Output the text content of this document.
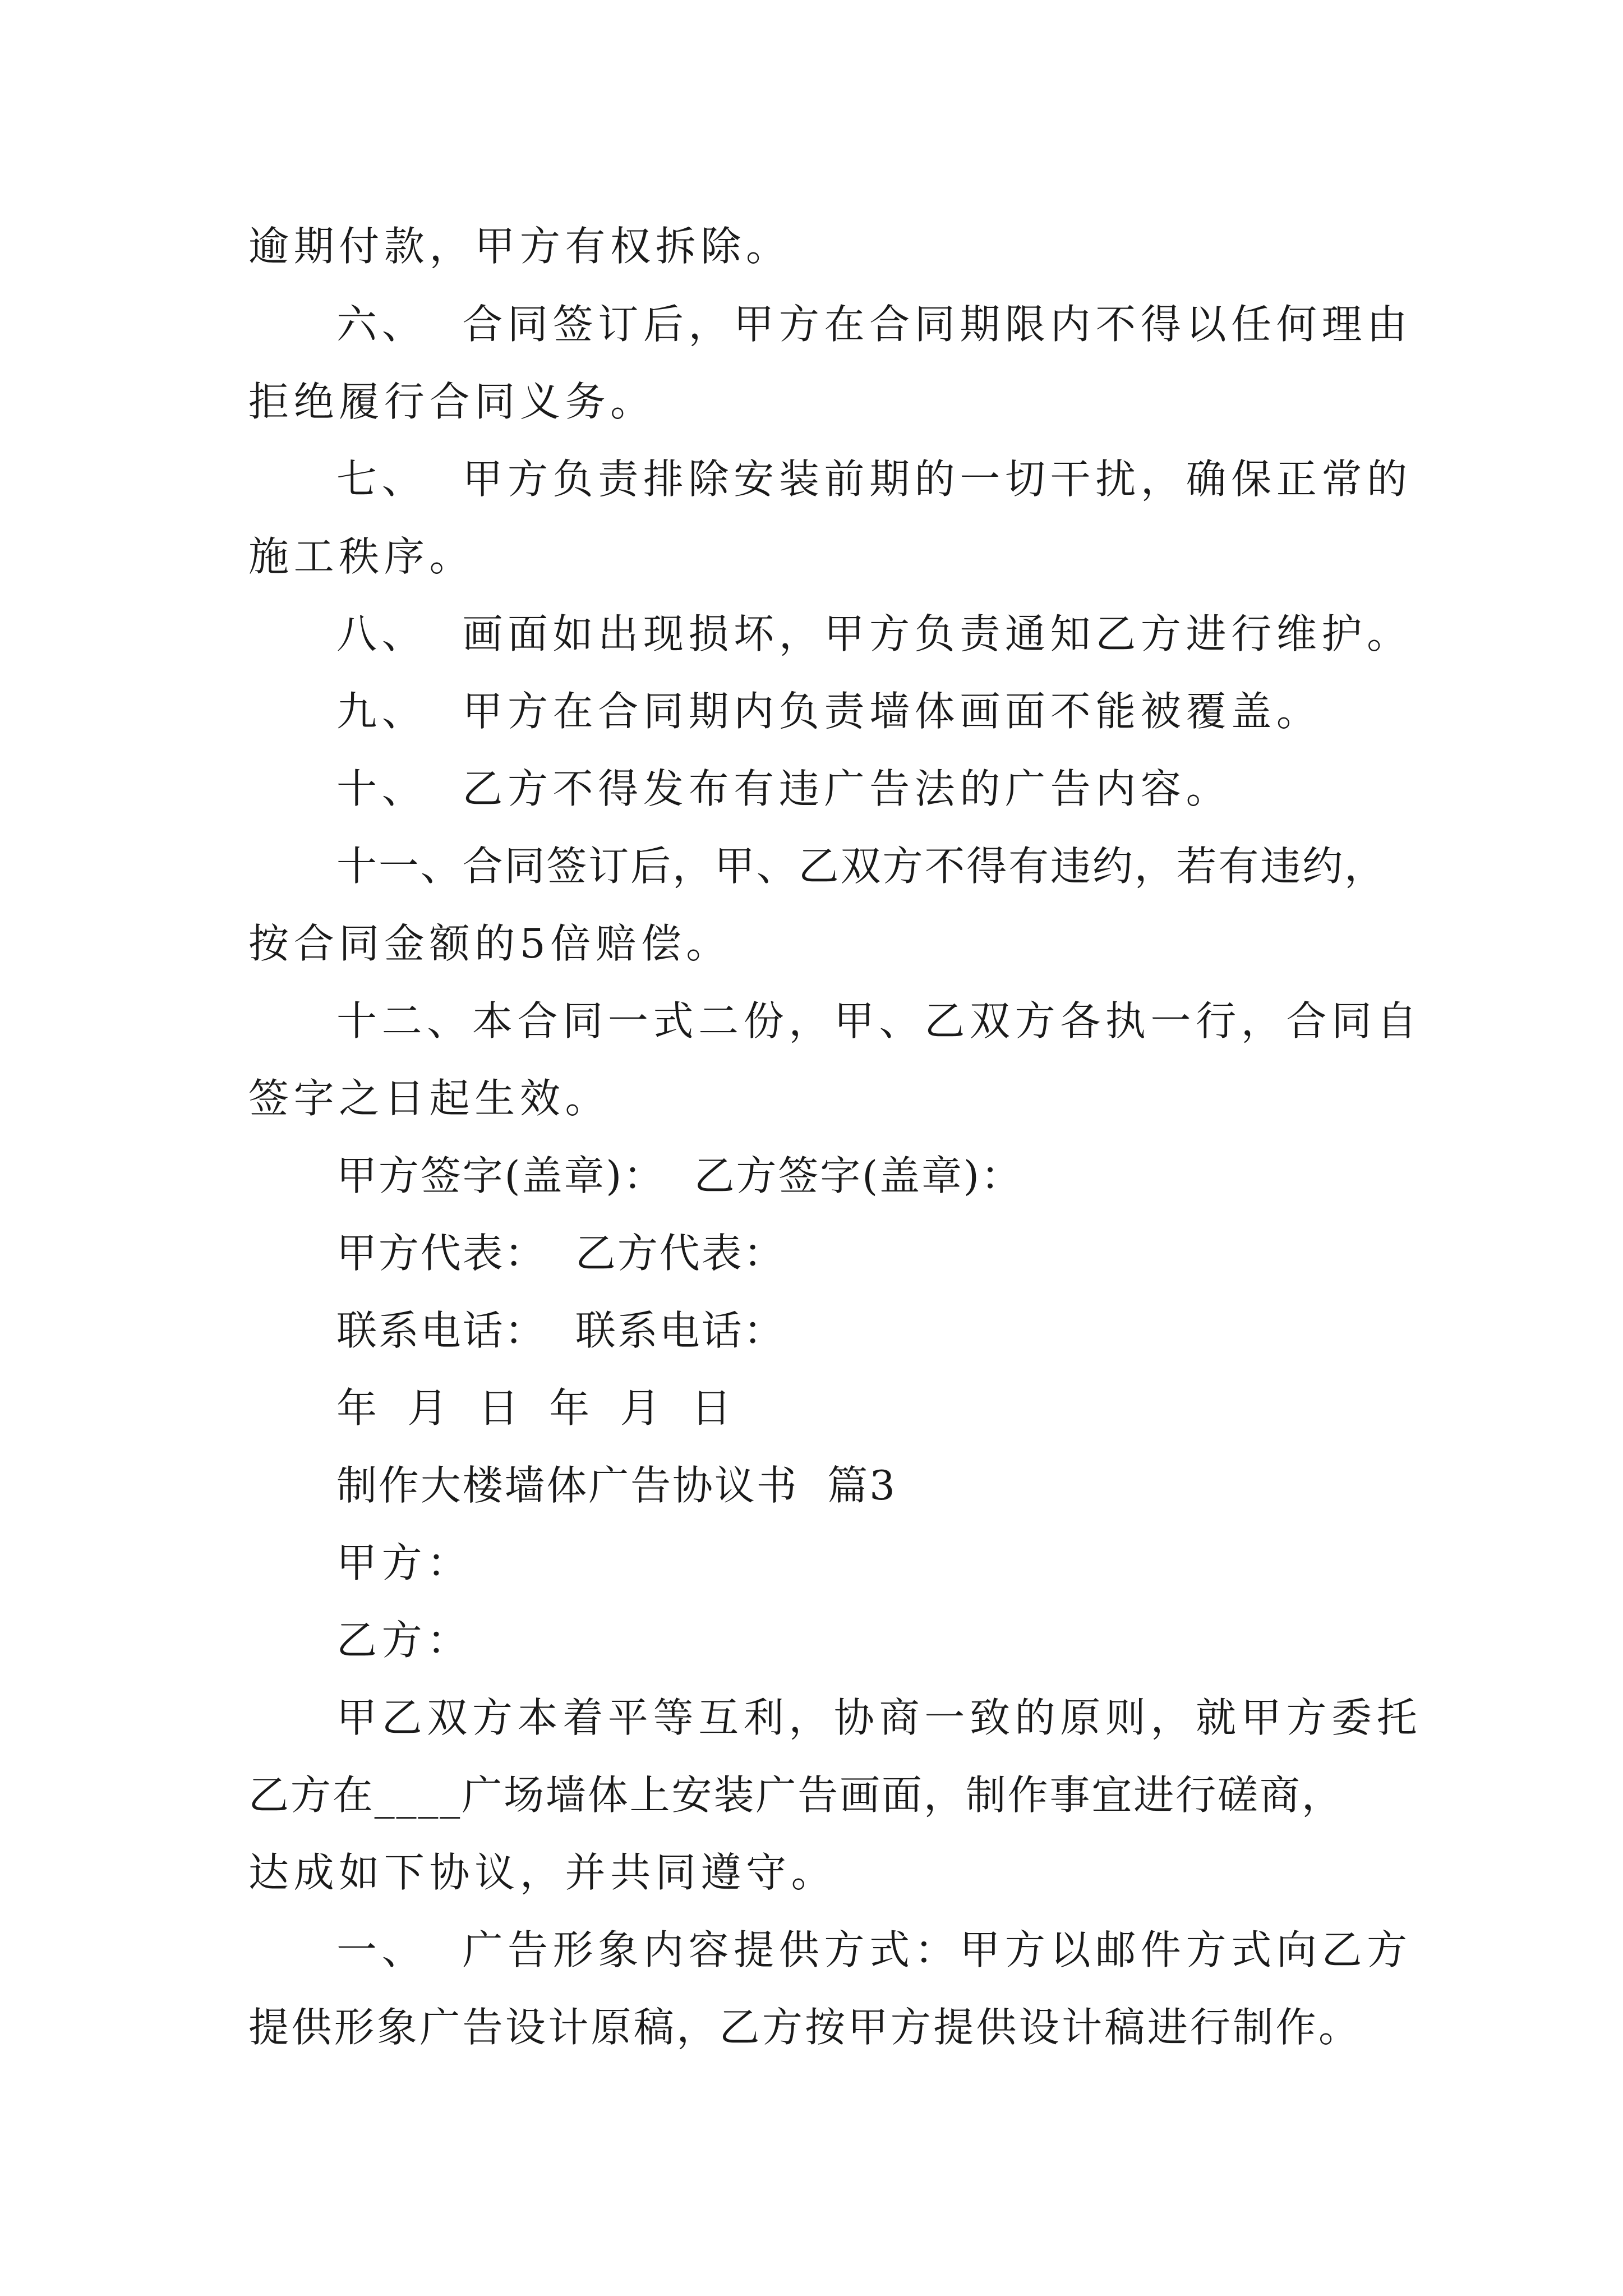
逾期付款，甲方有权拆除。

六、  合同签订后，甲方在合同期限内不得以任何理由

拒绝履行合同义务。

七、  甲方负责排除安装前期的一切干扰，确保正常的

施工秩序。

八、  画面如出现损坏，甲方负责通知乙方进行维护。

九、  甲方在合同期内负责墙体画面不能被覆盖。

十、  乙方不得发布有违广告法的广告内容。

十一、合同签订后，甲、乙双方不得有违约，若有违约，

按合同金额的5倍赔偿。

十二、本合同一式二份，甲、乙双方各执一行，合同自

签字之日起生效。

甲方签字(盖章)：  乙方签字(盖章)：

甲方代表：  乙方代表：

联系电话：  联系电话：

年  月  日  年  月  日

制作大楼墙体广告协议书  篇3

甲方：

乙方：

甲乙双方本着平等互利，协商一致的原则，就甲方委托

乙方在____广场墙体上安装广告画面，制作事宜进行磋商，

达成如下协议，并共同遵守。

一、  广告形象内容提供方式：甲方以邮件方式向乙方

提供形象广告设计原稿，乙方按甲方提供设计稿进行制作。
